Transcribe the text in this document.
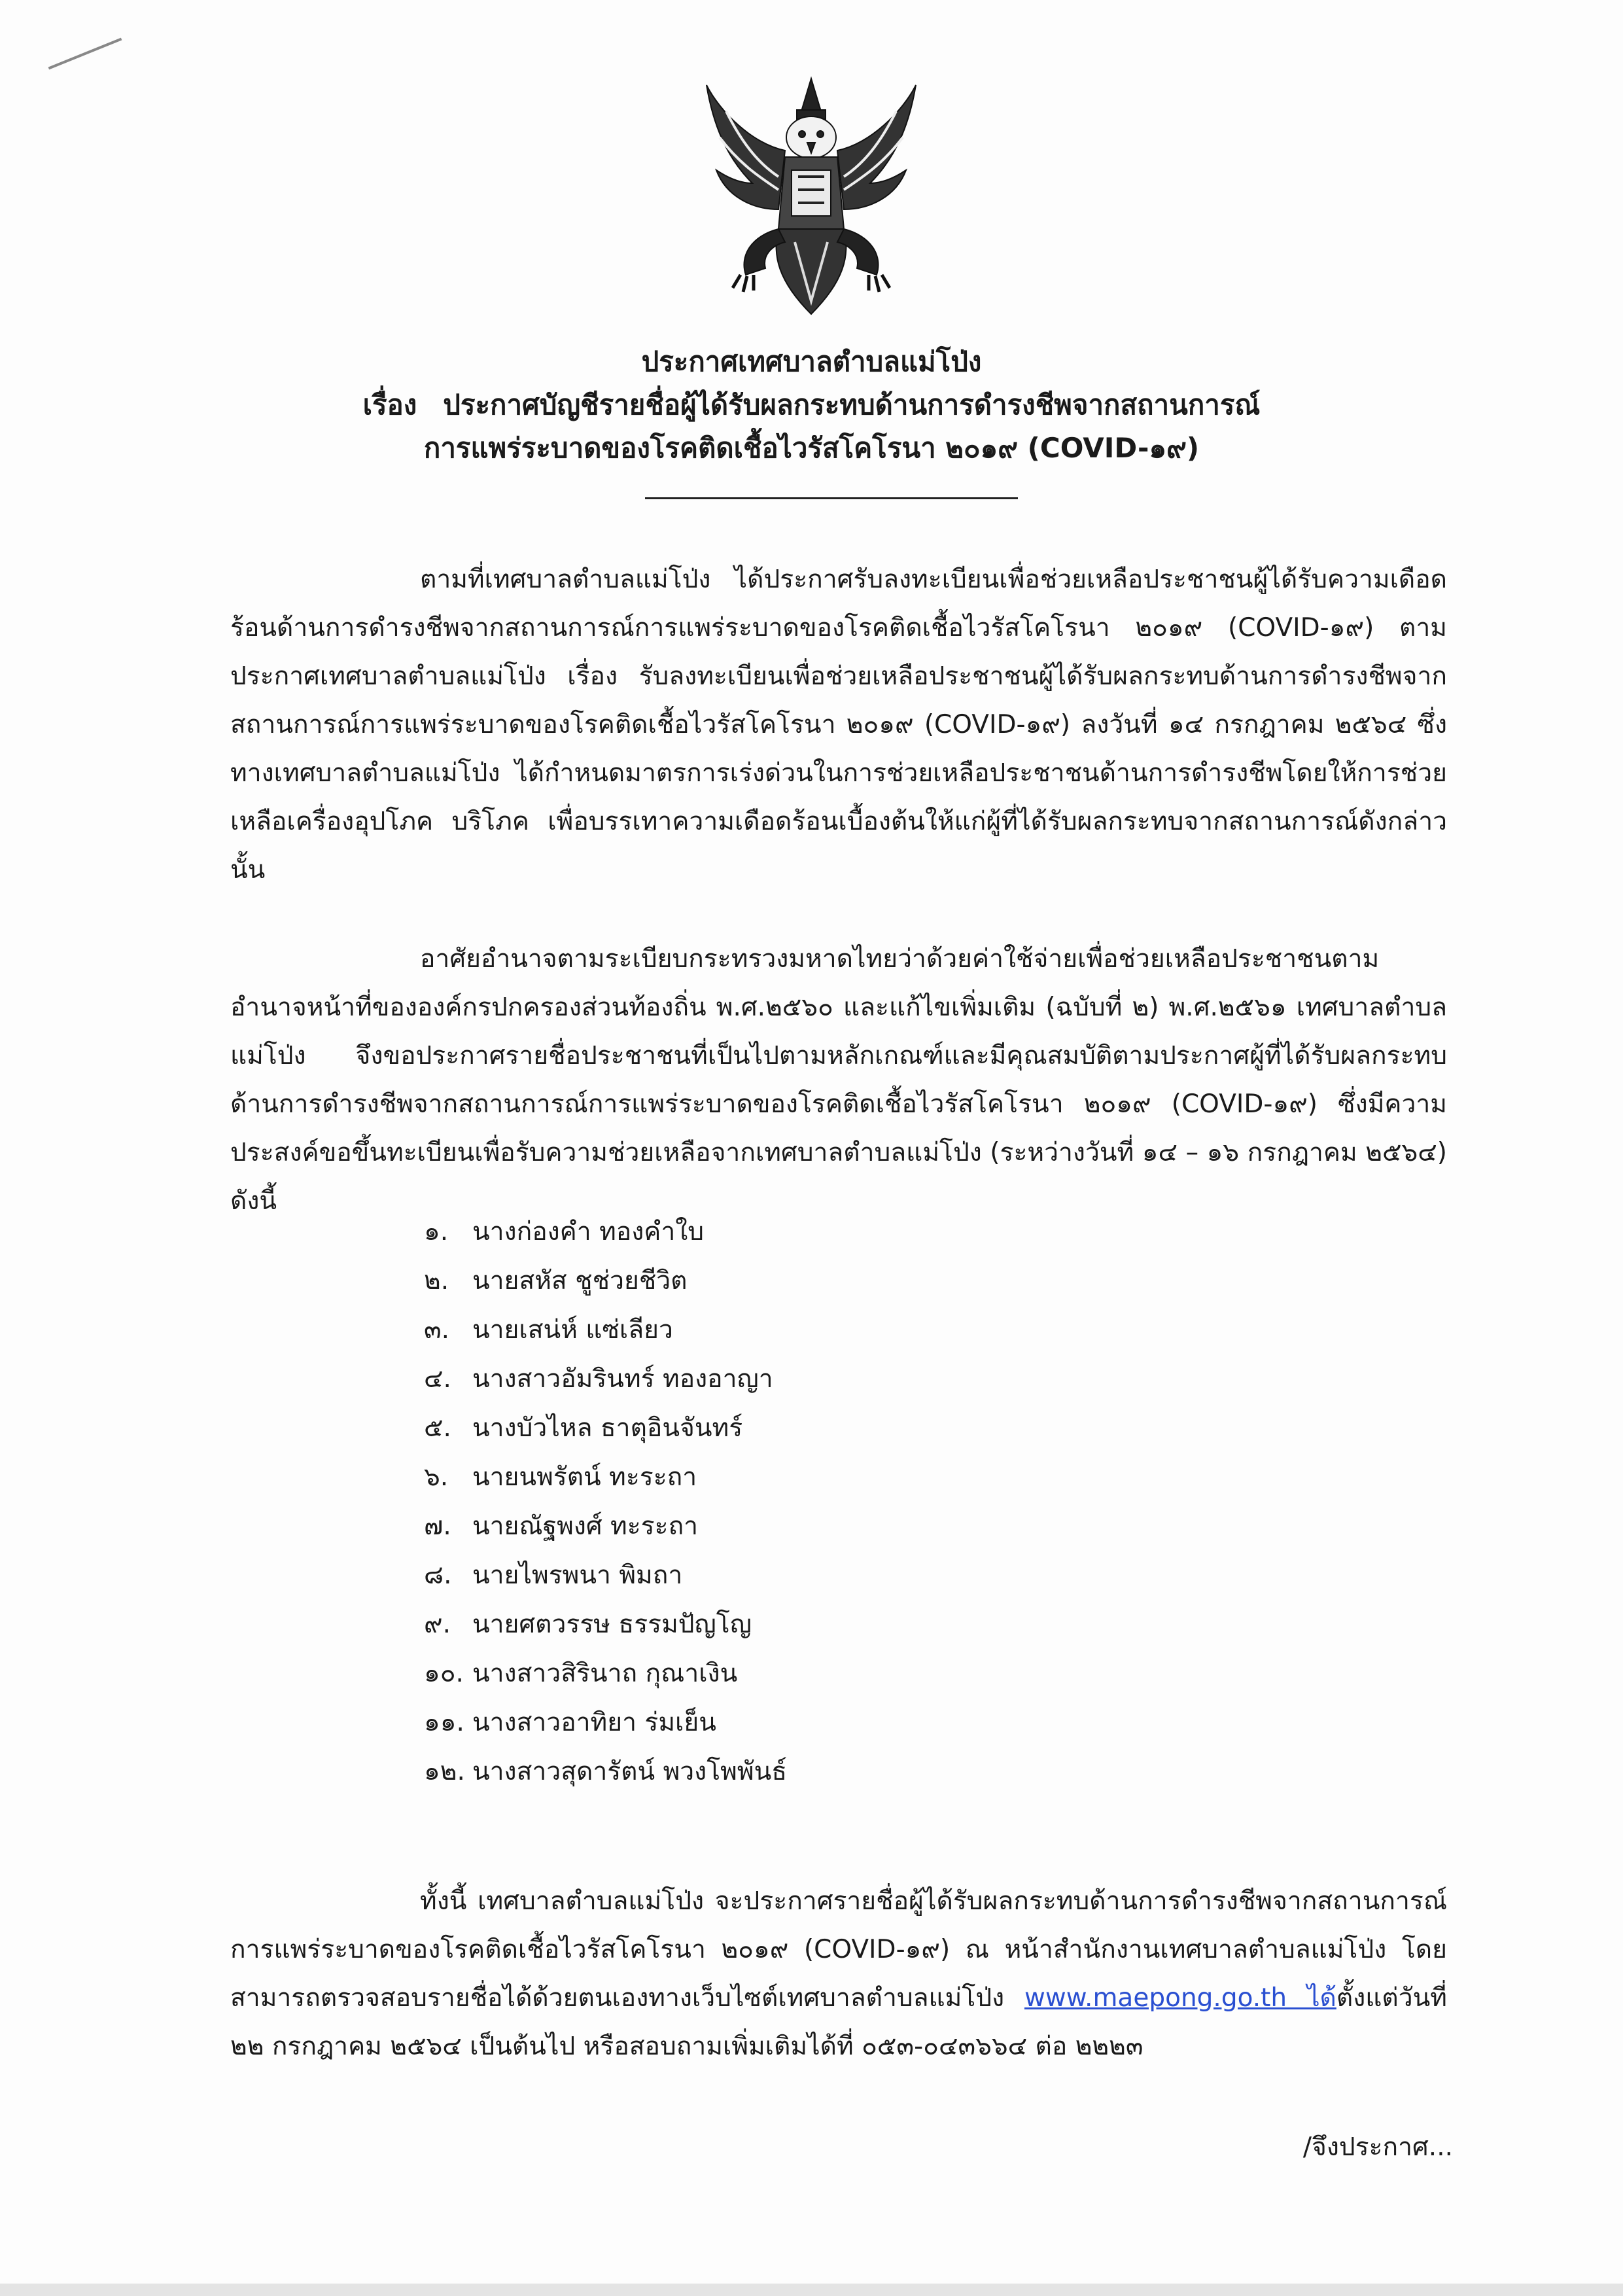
ประกาศเทศบาลตำบลแม่โป่ง
เรื่อง ประกาศบัญชีรายชื่อผู้ได้รับผลกระทบด้านการดำรงชีพจากสถานการณ์
การแพร่ระบาดของโรคติดเชื้อไวรัสโคโรนา ๒๐๑๙ (COVID-๑๙)

ตามที่เทศบาลตำบลแม่โป่ง ได้ประกาศรับลงทะเบียนเพื่อช่วยเหลือประชาชนผู้ได้รับความเดือดร้อนด้านการดำรงชีพจากสถานการณ์การแพร่ระบาดของโรคติดเชื้อไวรัสโคโรนา ๒๐๑๙ (COVID-๑๙) ตามประกาศเทศบาลตำบลแม่โป่ง เรื่อง รับลงทะเบียนเพื่อช่วยเหลือประชาชนผู้ได้รับผลกระทบด้านการดำรงชีพจากสถานการณ์การแพร่ระบาดของโรคติดเชื้อไวรัสโคโรนา ๒๐๑๙ (COVID-๑๙) ลงวันที่ ๑๔ กรกฎาคม ๒๕๖๔ ซึ่งทางเทศบาลตำบลแม่โป่ง ได้กำหนดมาตรการเร่งด่วนในการช่วยเหลือประชาชนด้านการดำรงชีพโดยให้การช่วยเหลือเครื่องอุปโภค บริโภค เพื่อบรรเทาความเดือดร้อนเบื้องต้นให้แก่ผู้ที่ได้รับผลกระทบจากสถานการณ์ดังกล่าว นั้น

อาศัยอำนาจตามระเบียบกระทรวงมหาดไทยว่าด้วยค่าใช้จ่ายเพื่อช่วยเหลือประชาชนตามอำนาจหน้าที่ขององค์กรปกครองส่วนท้องถิ่น พ.ศ.๒๕๖๐ และแก้ไขเพิ่มเติม (ฉบับที่ ๒) พ.ศ.๒๕๖๑ เทศบาลตำบลแม่โป่ง จึงขอประกาศรายชื่อประชาชนที่เป็นไปตามหลักเกณฑ์และมีคุณสมบัติตามประกาศผู้ที่ได้รับผลกระทบด้านการดำรงชีพจากสถานการณ์การแพร่ระบาดของโรคติดเชื้อไวรัสโคโรนา ๒๐๑๙ (COVID-๑๙) ซึ่งมีความประสงค์ขอขึ้นทะเบียนเพื่อรับความช่วยเหลือจากเทศบาลตำบลแม่โป่ง (ระหว่างวันที่ ๑๔ – ๑๖ กรกฎาคม ๒๕๖๔) ดังนี้

๑. นางก่องคำ ทองคำใบ
๒. นายสหัส ชูช่วยชีวิต
๓. นายเสน่ห์ แซ่เลียว
๔. นางสาวอัมรินทร์ ทองอาญา
๕. นางบัวไหล ธาตุอินจันทร์
๖. นายนพรัตน์ ทะระถา
๗. นายณัฐพงศ์ ทะระถา
๘. นายไพรพนา พิมถา
๙. นายศตวรรษ ธรรมปัญโญ
๑๐. นางสาวสิรินาถ กุณาเงิน
๑๑. นางสาวอาทิยา ร่มเย็น
๑๒. นางสาวสุดารัตน์ พวงโพพันธ์

ทั้งนี้ เทศบาลตำบลแม่โป่ง จะประกาศรายชื่อผู้ได้รับผลกระทบด้านการดำรงชีพจากสถานการณ์การแพร่ระบาดของโรคติดเชื้อไวรัสโคโรนา ๒๐๑๙ (COVID-๑๙) ณ หน้าสำนักงานเทศบาลตำบลแม่โป่ง โดยสามารถตรวจสอบรายชื่อได้ด้วยตนเองทางเว็บไซต์เทศบาลตำบลแม่โป่ง www.maepong.go.th ได้ตั้งแต่วันที่ ๒๒ กรกฎาคม ๒๕๖๔ เป็นต้นไป หรือสอบถามเพิ่มเติมได้ที่ ๐๕๓-๐๔๓๖๖๔ ต่อ ๒๒๒๓

/จึงประกาศ...
